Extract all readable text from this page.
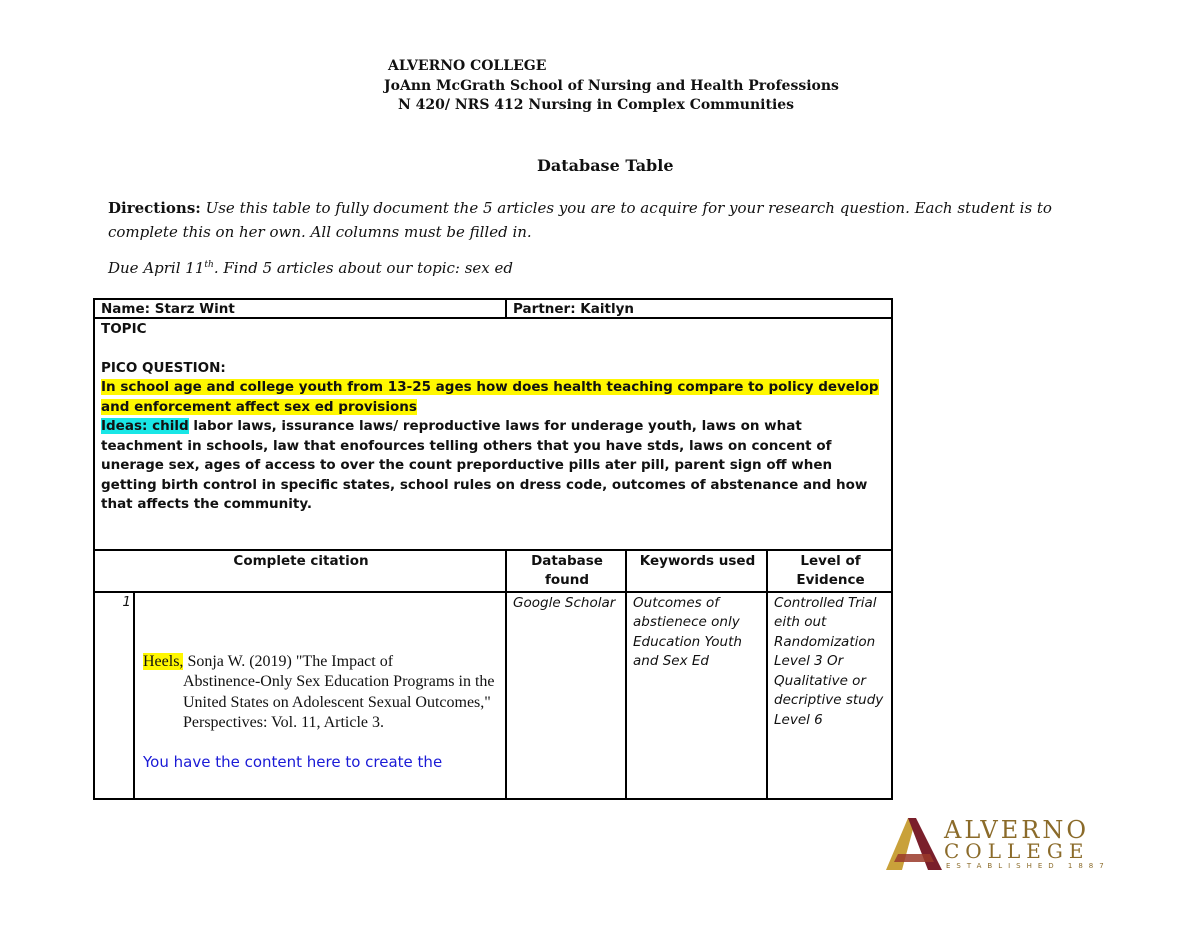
ALVERNO COLLEGE
JoAnn McGrath School of Nursing and Health Professions
N 420/ NRS 412 Nursing in Complex Communities
Database Table
Directions: Use this table to fully document the 5 articles you are to acquire for your research question. Each student is to complete this on her own. All columns must be filled in.
Due April 11th. Find 5 articles about our topic: sex ed
Name: Starz Wint		Partner: Kaitlyn		

TOPIC
PICO QUESTION:
In school age and college youth from 13-25 ages how does health teaching compare to policy develop and enforcement affect sex ed provisions
Ideas: child labor laws, issurance laws/ reproductive laws for underage youth, laws on what teachment in schools, law that enofources telling others that you have stds, laws on concent of unerage sex, ages of access to over the count preporductive pills ater pill, parent sign off when getting birth control in specific states, school rules on dress code, outcomes of abstenance and how that affects the community.				

Complete citation		Database found	Keywords used	Level of Evidence
1	Heels, Sonja W. (2019) "The Impact of
Abstinence-Only Sex Education Programs in the United States on Adolescent Sexual Outcomes," Perspectives: Vol. 11, Article 3.
You have the content here to create the	Google Scholar	Outcomes of abstienece only Education Youth and Sex Ed	Controlled Trial eith out Randomization Level 3 Or Qualitative or decriptive study Level 6
ALVERNO
COLLEGE
ESTABLISHED 1887
